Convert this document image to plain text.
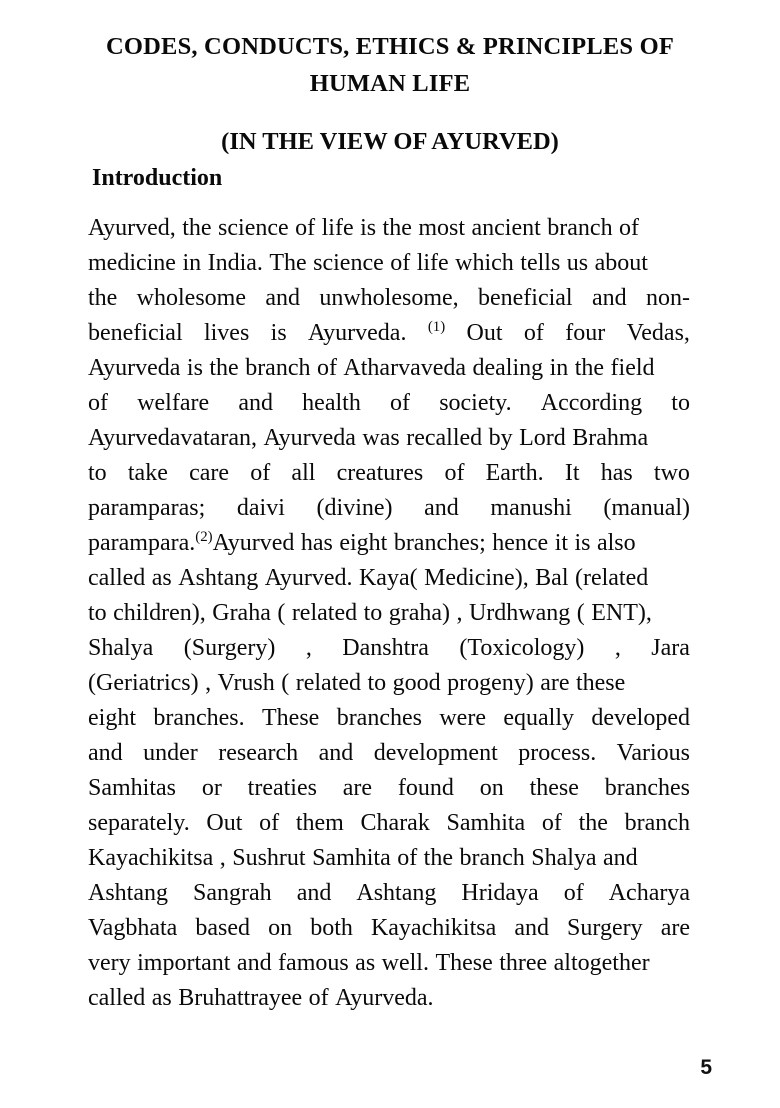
CODES, CONDUCTS, ETHICS & PRINCIPLES OF
HUMAN LIFE
(IN THE VIEW OF AYURVED)
Introduction
Ayurved, the science of life is the most ancient branch of
medicine in India. The science of life which tells us about
the wholesome and unwholesome, beneficial and non-
beneficial lives is Ayurveda. $^{(1)}$ Out of four Vedas,
Ayurveda is the branch of Atharvaveda dealing in the field
of welfare and health of society. According to
Ayurvedavataran, Ayurveda was recalled by Lord Brahma
to take care of all creatures of Earth. It has two
paramparas; daivi (divine) and manushi (manual)
parampara.$^{(2)}$Ayurved has eight branches; hence it is also
called as Ashtang Ayurved. Kaya( Medicine), Bal (related
to children), Graha ( related to graha) , Urdhwang ( ENT),
Shalya (Surgery) , Danshtra (Toxicology) , Jara
(Geriatrics) , Vrush ( related to good progeny) are these
eight branches. These branches were equally developed
and under research and development process. Various
Samhitas or treaties are found on these branches
separately. Out of them Charak Samhita of the branch
Kayachikitsa , Sushrut Samhita of the branch Shalya and
Ashtang Sangrah and Ashtang Hridaya of Acharya
Vagbhata based on both Kayachikitsa and Surgery are
very important and famous as well. These three altogether
called as Bruhattrayee of Ayurveda.
5
